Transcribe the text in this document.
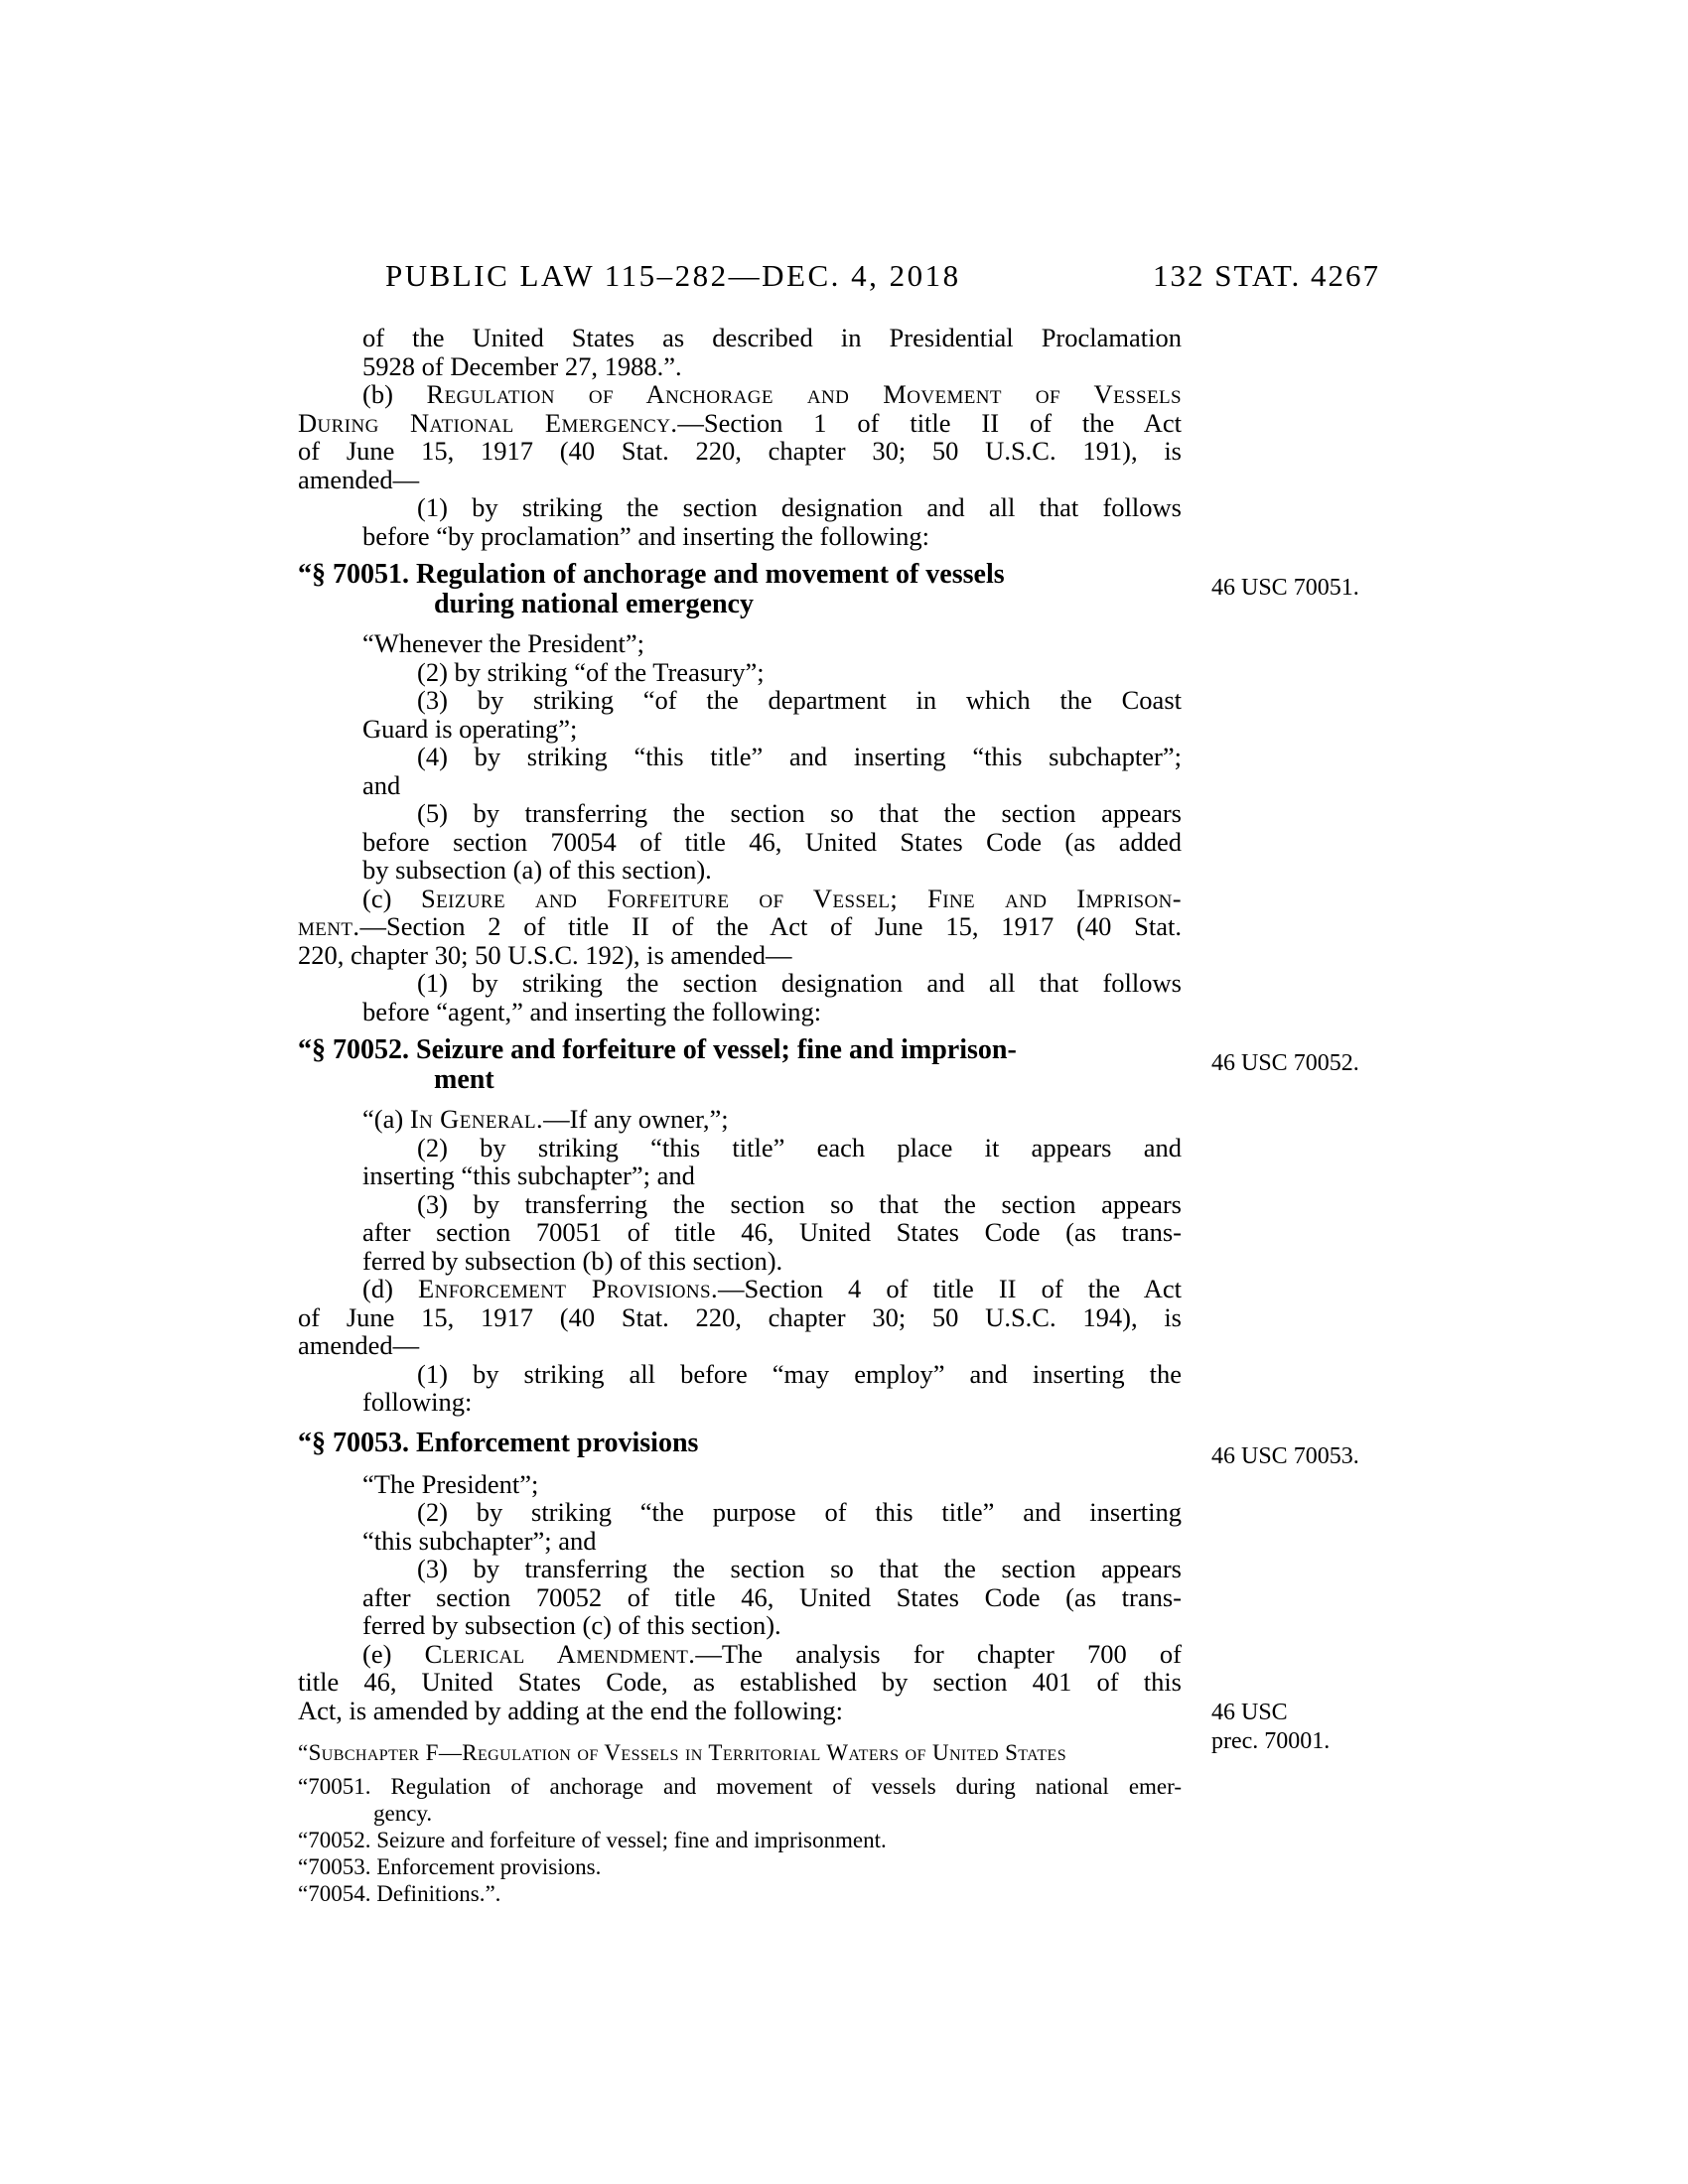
PUBLIC LAW 115–282—DEC. 4, 2018	132 STAT. 4267
of the United States as described in Presidential Proclamation
5928 of December 27, 1988.”.
(b) Regulation of Anchorage and Movement of Vessels
During National Emergency.—Section 1 of title II of the Act
of June 15, 1917 (40 Stat. 220, chapter 30; 50 U.S.C. 191), is
amended—
(1) by striking the section designation and all that follows
before “by proclamation” and inserting the following:
“§ 70051. Regulation of anchorage and movement of vessels	46 USC 70051.
during national emergency
“Whenever the President”;
(2) by striking “of the Treasury”;
(3) by striking “of the department in which the Coast
Guard is operating”;
(4) by striking “this title” and inserting “this subchapter”;
and
(5) by transferring the section so that the section appears
before section 70054 of title 46, United States Code (as added
by subsection (a) of this section).
(c) Seizure and Forfeiture of Vessel; Fine and Imprison-
ment.—Section 2 of title II of the Act of June 15, 1917 (40 Stat.
220, chapter 30; 50 U.S.C. 192), is amended—
(1) by striking the section designation and all that follows
before “agent,” and inserting the following:
“§ 70052. Seizure and forfeiture of vessel; fine and imprison-	46 USC 70052.
ment
“(a) In General.—If any owner,”;
(2) by striking “this title” each place it appears and
inserting “this subchapter”; and
(3) by transferring the section so that the section appears
after section 70051 of title 46, United States Code (as trans-
ferred by subsection (b) of this section).
(d) Enforcement Provisions.—Section 4 of title II of the Act
of June 15, 1917 (40 Stat. 220, chapter 30; 50 U.S.C. 194), is
amended—
(1) by striking all before “may employ” and inserting the
following:
“§ 70053. Enforcement provisions	46 USC 70053.
“The President”;
(2) by striking “the purpose of this title” and inserting
“this subchapter”; and
(3) by transferring the section so that the section appears
after section 70052 of title 46, United States Code (as trans-
ferred by subsection (c) of this section).
(e) Clerical Amendment.—The analysis for chapter 700 of
title 46, United States Code, as established by section 401 of this
Act, is amended by adding at the end the following:	46 USC
prec. 70001.
“Subchapter F—Regulation of Vessels in Territorial Waters of United States
“70051. Regulation of anchorage and movement of vessels during national emer-
gency.
“70052. Seizure and forfeiture of vessel; fine and imprisonment.
“70053. Enforcement provisions.
“70054. Definitions.”.
